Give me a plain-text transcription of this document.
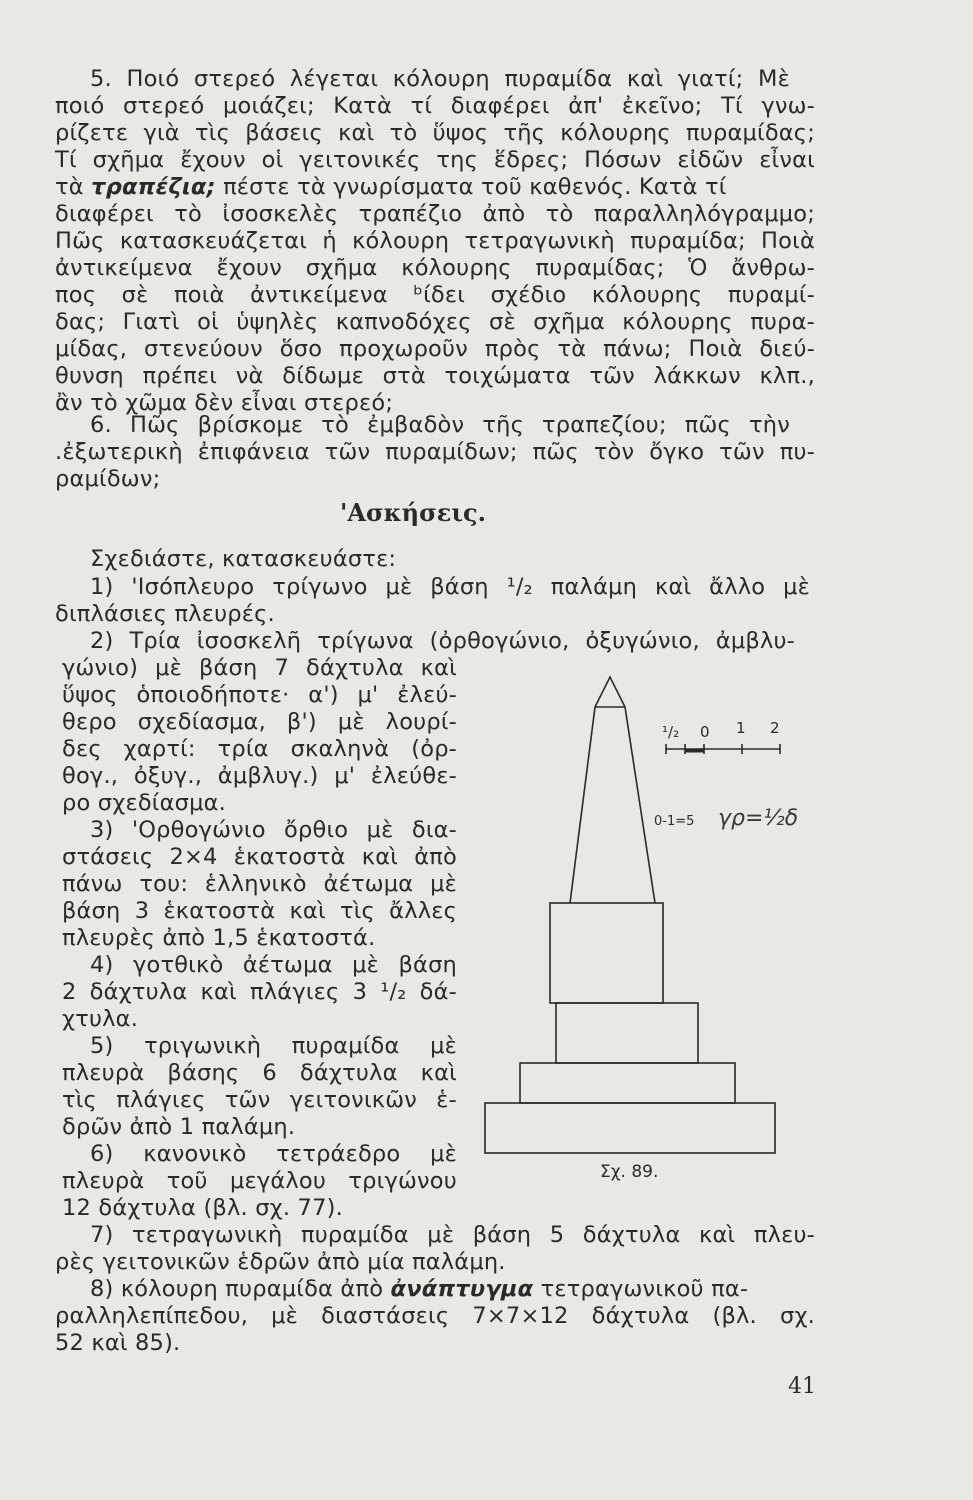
5. Ποιό στερεό λέγεται κόλουρη πυραμίδα καὶ γιατί; Μὲ

ποιό στερεό μοιάζει; Κατὰ τί διαφέρει ἀπ' ἐκεῖνο; Τί γνω-

ρίζετε γιὰ τὶς βάσεις καὶ τὸ ὕψος τῆς κόλουρης πυραμίδας;

Τί σχῆμα ἔχουν οἱ γειτονικές της ἕδρες; Πόσων εἰδῶν εἶναι

τὰ τραπέζια; πέστε τὰ γνωρίσματα τοῦ καθενός. Κατὰ τί

διαφέρει τὸ ἰσοσκελὲς τραπέζιο ἀπὸ τὸ παραλληλόγραμμο;

Πῶς κατασκευάζεται ἡ κόλουρη τετραγωνικὴ πυραμίδα; Ποιὰ

ἀντικείμενα ἔχουν σχῆμα κόλουρης πυραμίδας; Ὁ ἄνθρω-

πος σὲ ποιὰ ἀντικείμενα ᵇίδει σχέδιο κόλουρης πυραμί-

δας; Γιατὶ οἱ ὑψηλὲς καπνοδόχες σὲ σχῆμα κόλουρης πυρα-

μίδας, στενεύουν ὅσο προχωροῦν πρὸς τὰ πάνω; Ποιὰ διεύ-

θυνση πρέπει νὰ δίδωμε στὰ τοιχώματα τῶν λάκκων κλπ.,

ἂν τὸ χῶμα δὲν εἶναι στερεό;

6. Πῶς βρίσκομε τὸ ἐμβαδὸν τῆς τραπεζίου; πῶς τὴν

.ἐξωτερικὴ ἐπιφάνεια τῶν πυραμίδων; πῶς τὸν ὄγκο τῶν πυ-

ραμίδων;

'Ασκήσεις.

Σχεδιάστε, κατασκευάστε:

1) 'Ισόπλευρο τρίγωνο μὲ βάση ¹/₂ παλάμη καὶ ἄλλο μὲ

διπλάσιες πλευρές.

2) Τρία ἰσοσκελῆ τρίγωνα (ὀρθογώνιο, ὀξυγώνιο, ἀμβλυ-

γώνιο) μὲ βάση 7 δάχτυλα καὶ

ὕψος ὁποιοδήποτε· α') μ' ἐλεύ-

θερο σχεδίασμα, β') μὲ λουρί-

δες χαρτί: τρία σκαληνὰ (ὀρ-

θογ., ὀξυγ., ἀμβλυγ.) μ' ἐλεύθε-

ρο σχεδίασμα.

3) 'Ορθογώνιο ὄρθιο μὲ δια-

στάσεις 2×4 ἑκατοστὰ καὶ ἀπὸ

πάνω του: ἑλληνικὸ ἀέτωμα μὲ

βάση 3 ἑκατοστὰ καὶ τὶς ἄλλες

πλευρὲς ἀπὸ 1,5 ἑκατοστά.

4) γοτθικὸ ἀέτωμα μὲ βάση

2 δάχτυλα καὶ πλάγιες 3 ¹/₂ δά-

χτυλα.

5) τριγωνικὴ πυραμίδα μὲ

πλευρὰ βάσης 6 δάχτυλα καὶ

τὶς πλάγιες τῶν γειτονικῶν ἑ-

δρῶν ἀπὸ 1 παλάμη.

6) κανονικὸ τετράεδρο μὲ

πλευρὰ τοῦ μεγάλου τριγώνου

12 δάχτυλα (βλ. σχ. 77).

¹/₂ 0 1 2
0-1=5 γρ=½δ
Σχ. 89.

7) τετραγωνικὴ πυραμίδα μὲ βάση 5 δάχτυλα καὶ πλευ-

ρὲς γειτονικῶν ἑδρῶν ἀπὸ μία παλάμη.

8) κόλουρη πυραμίδα ἀπὸ ἀνάπτυγμα τετραγωνικοῦ πα-

ραλληλεπίπεδου, μὲ διαστάσεις 7×7×12 δάχτυλα (βλ. σχ.

52 καὶ 85).

41
